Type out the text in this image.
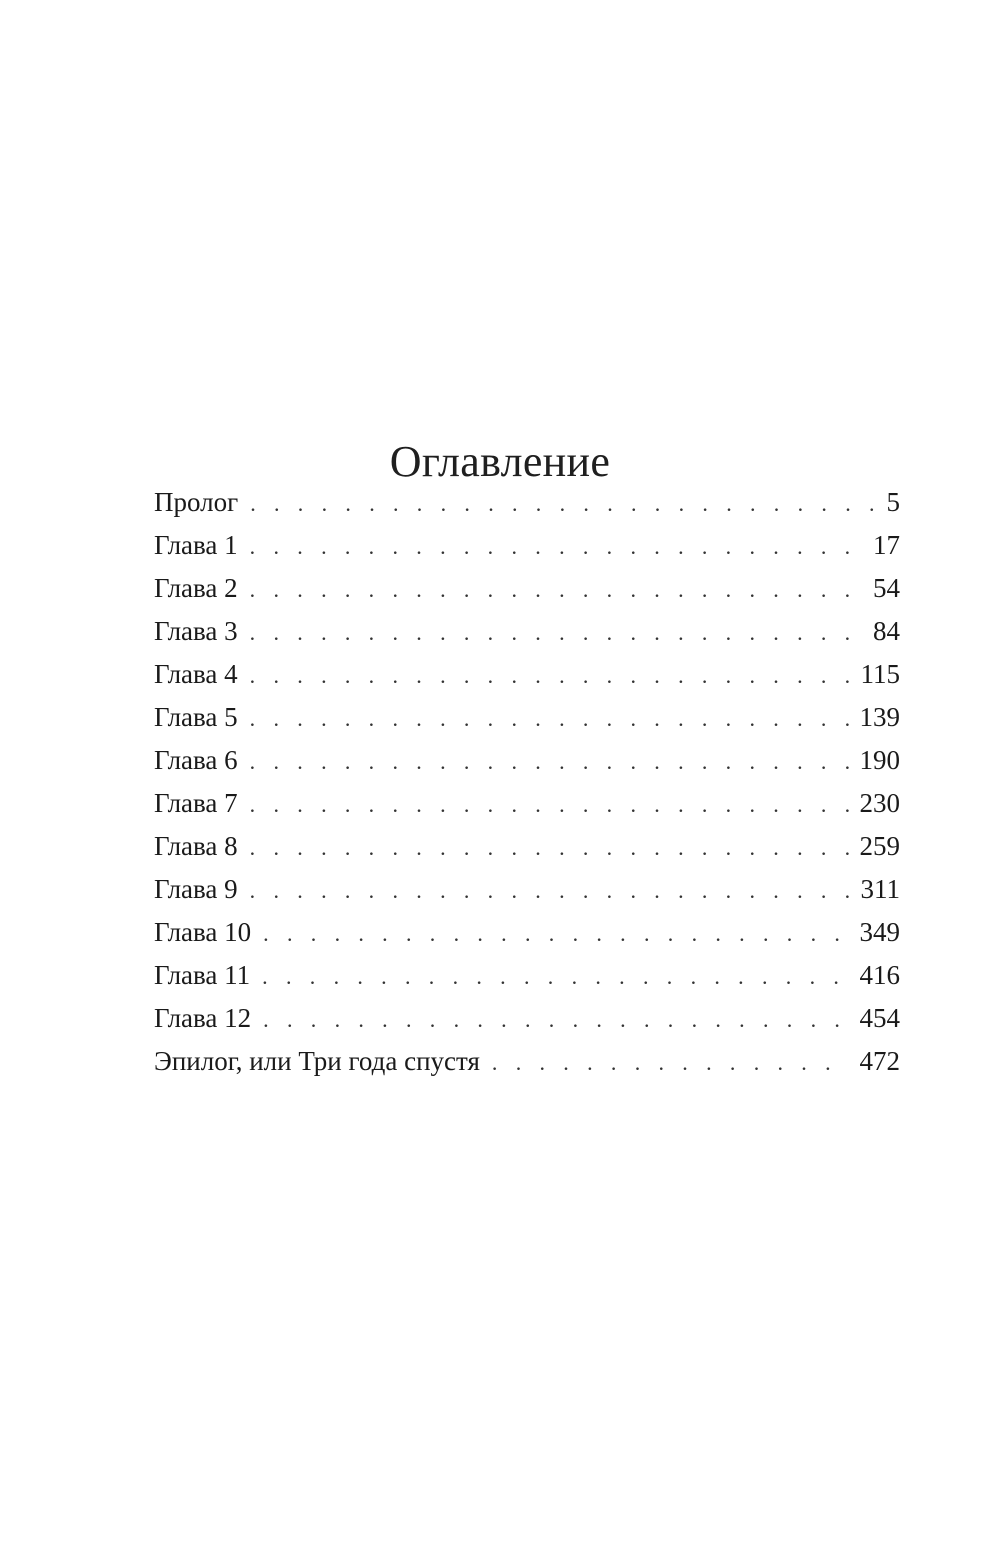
Оглавление
Пролог . . .	5
Глава 1 . . .	17
Глава 2 . . .	54
Глава 3 . . .	84
Глава 4 . . .	115
Глава 5 . . .	139
Глава 6 . . .	190
Глава 7 . . .	230
Глава 8 . . .	259
Глава 9 . . .	311
Глава 10 . . .	349
Глава 11 . . .	416
Глава 12 . . .	454
Эпилог, или Три года спустя . . .	472
